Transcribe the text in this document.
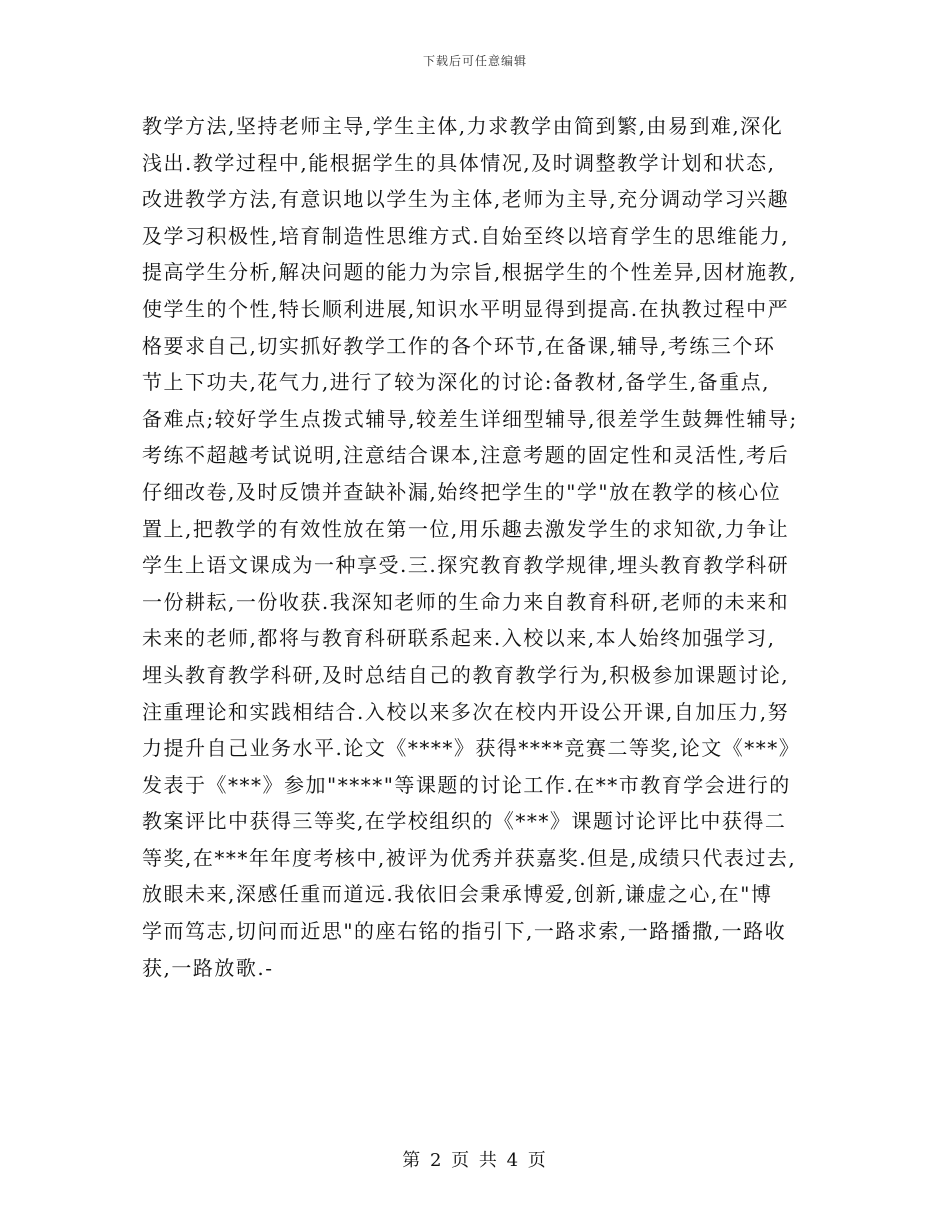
下载后可任意编辑
教学方法,坚持老师主导,学生主体,力求教学由简到繁,由易到难,深化
浅出.教学过程中,能根据学生的具体情况,及时调整教学计划和状态,
改进教学方法,有意识地以学生为主体,老师为主导,充分调动学习兴趣
及学习积极性,培育制造性思维方式.自始至终以培育学生的思维能力,
提高学生分析,解决问题的能力为宗旨,根据学生的个性差异,因材施教,
使学生的个性,特长顺利进展,知识水平明显得到提高.在执教过程中严
格要求自己,切实抓好教学工作的各个环节,在备课,辅导,考练三个环
节上下功夫,花气力,进行了较为深化的讨论:备教材,备学生,备重点,
备难点;较好学生点拨式辅导,较差生详细型辅导,很差学生鼓舞性辅导;
考练不超越考试说明,注意结合课本,注意考题的固定性和灵活性,考后
仔细改卷,及时反馈并查缺补漏,始终把学生的"学"放在教学的核心位
置上,把教学的有效性放在第一位,用乐趣去激发学生的求知欲,力争让
学生上语文课成为一种享受.三.探究教育教学规律,埋头教育教学科研
一份耕耘,一份收获.我深知老师的生命力来自教育科研,老师的未来和
未来的老师,都将与教育科研联系起来.入校以来,本人始终加强学习,
埋头教育教学科研,及时总结自己的教育教学行为,积极参加课题讨论,
注重理论和实践相结合.入校以来多次在校内开设公开课,自加压力,努
力提升自己业务水平.论文《****》获得****竞赛二等奖,论文《***》
发表于《***》参加"****"等课题的讨论工作.在**市教育学会进行的
教案评比中获得三等奖,在学校组织的《***》课题讨论评比中获得二
等奖,在***年年度考核中,被评为优秀并获嘉奖.但是,成绩只代表过去,
放眼未来,深感任重而道远.我依旧会秉承博爱,创新,谦虚之心,在"博
学而笃志,切问而近思"的座右铭的指引下,一路求索,一路播撒,一路收
获,一路放歌.-
第 2 页 共 4 页
